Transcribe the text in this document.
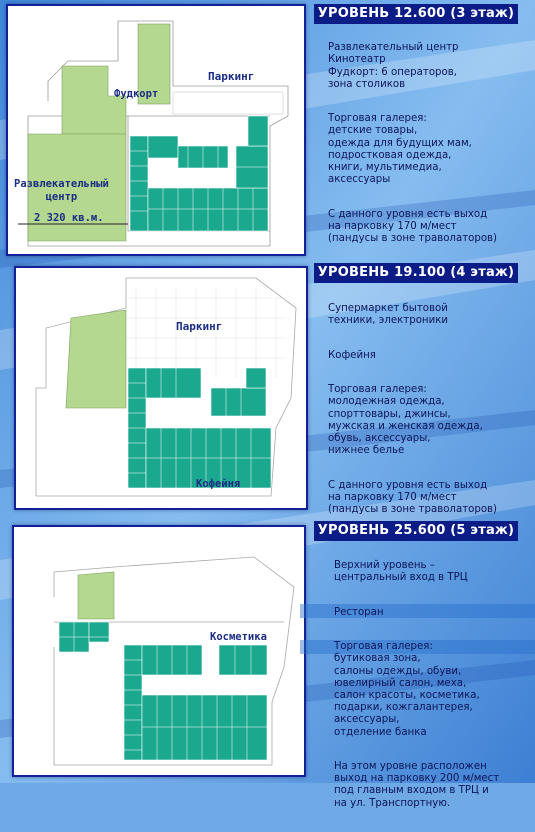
Паркинг
Фудкорт
Развлекательный
центр
2 320 кв.м.
УРОВЕНЬ 12.600 (3 этаж)

Развлекательный центр
Кинотеатр
Фудкорт: 6 операторов,
зона столиков

Торговая галерея:
детские товары,
одежда для будущих мам,
подростковая одежда,
книги, мультимедиа,
аксессуары

С данного уровня есть выход
на парковку 170 м/мест
(пандусы в зоне траволаторов)

Паркинг
Кофейня
УРОВЕНЬ 19.100 (4 этаж)

Супермаркет бытовой
техники, электроники

Кофейня

Торговая галерея:
молодежная одежда,
спорттовары, джинсы,
мужская и женская одежда,
обувь, аксессуары,
нижнее белье

С данного уровня есть выход
на парковку 170 м/мест
(пандусы в зоне траволаторов)

Косметика
УРОВЕНЬ 25.600 (5 этаж)

Верхний уровень –
центральный вход в ТРЦ

Ресторан

Торговая галерея:
бутиковая зона,
салоны одежды, обуви,
ювелирный салон, меха,
салон красоты, косметика,
подарки, кожгалантерея,
аксессуары,
отделение банка

На этом уровне расположен
выход на парковку 200 м/мест
под главным входом в ТРЦ и
на ул. Транспортную.
